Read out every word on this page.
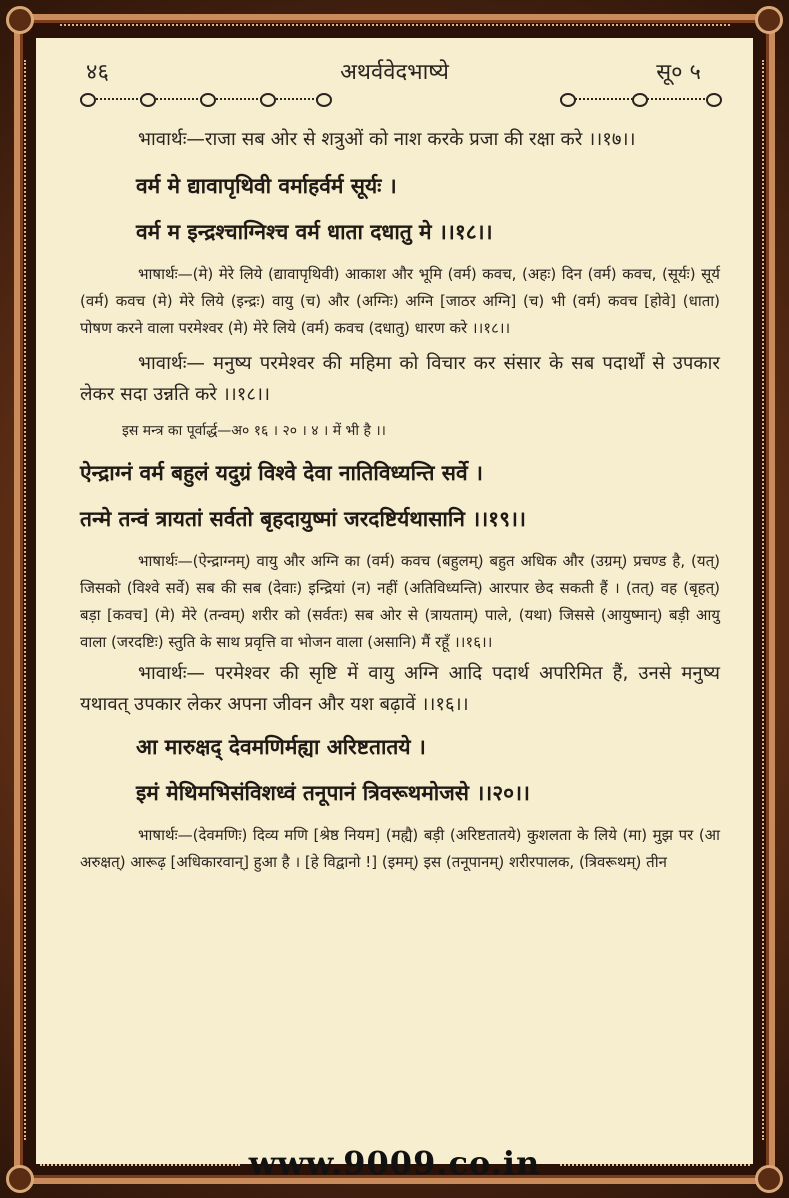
४६	अथर्ववेदभाष्ये	सू० ५
भावार्थः—राजा सब ओर से शत्रुओं को नाश करके प्रजा की रक्षा करे ।।१७।।
वर्म मे द्यावापृथिवी वर्माहर्वर्म सूर्यः ।
वर्म म इन्द्रश्चाग्निश्च वर्म धाता दधातु मे ।।१८।।
भाषार्थः—(मे) मेरे लिये (द्यावापृथिवी) आकाश और भूमि (वर्म) कवच, (अहः) दिन (वर्म) कवच, (सूर्यः) सूर्य (वर्म) कवच (मे) मेरे लिये (इन्द्रः) वायु (च) और (अग्निः) अग्नि [जाठर अग्नि] (च) भी (वर्म) कवच [होवे] (धाता) पोषण करने वाला परमेश्वर (मे) मेरे लिये (वर्म) कवच (दधातु) धारण करे ।।१८।।
भावार्थः— मनुष्य परमेश्वर की महिमा को विचार कर संसार के सब पदार्थों से उपकार लेकर सदा उन्नति करे ।।१८।।
इस मन्त्र का पूर्वार्द्ध—अ० १६ । २० । ४ । में भी है ।।
ऐन्द्राग्नं वर्म बहुलं यदुग्रं विश्वे देवा नातिविध्यन्ति सर्वे ।
तन्मे तन्वं त्रायतां सर्वतो बृहदायुष्मां जरदष्टिर्यथासानि ।।१९।।
भाषार्थः—(ऐन्द्राग्नम्) वायु और अग्नि का (वर्म) कवच (बहुलम्) बहुत अधिक और (उग्रम्) प्रचण्ड है, (यत्) जिसको (विश्वे सर्वे) सब की सब (देवाः) इन्द्रियां (न) नहीं (अतिविध्यन्ति) आरपार छेद सकती हैं । (तत्) वह (बृहत्) बड़ा [कवच] (मे) मेरे (तन्वम्) शरीर को (सर्वतः) सब ओर से (त्रायताम्) पाले, (यथा) जिससे (आयुष्मान्) बड़ी आयु वाला (जरदष्टिः) स्तुति के साथ प्रवृत्ति वा भोजन वाला (असानि) मैं रहूँ ।।१६।।
भावार्थः— परमेश्वर की सृष्टि में वायु अग्नि आदि पदार्थ अपरिमित हैं, उनसे मनुष्य यथावत् उपकार लेकर अपना जीवन और यश बढ़ावें ।।१६।।
आ मारुक्षद् देवमणिर्मह्या अरिष्टतातये ।
इमं मेथिमभिसंविशध्वं तनूपानं त्रिवरूथमोजसे ।।२०।।
भाषार्थः—(देवमणिः) दिव्य मणि [श्रेष्ठ नियम] (मह्यै) बड़ी (अरिष्टतातये) कुशलता के लिये (मा) मुझ पर (आ अरुक्षत्) आरूढ़ [अधिकारवान्] हुआ है । [हे विद्वानो !] (इमम्) इस (तनूपानम्) शरीरपालक, (त्रिवरूथम्) तीन
www.9009.co.in
